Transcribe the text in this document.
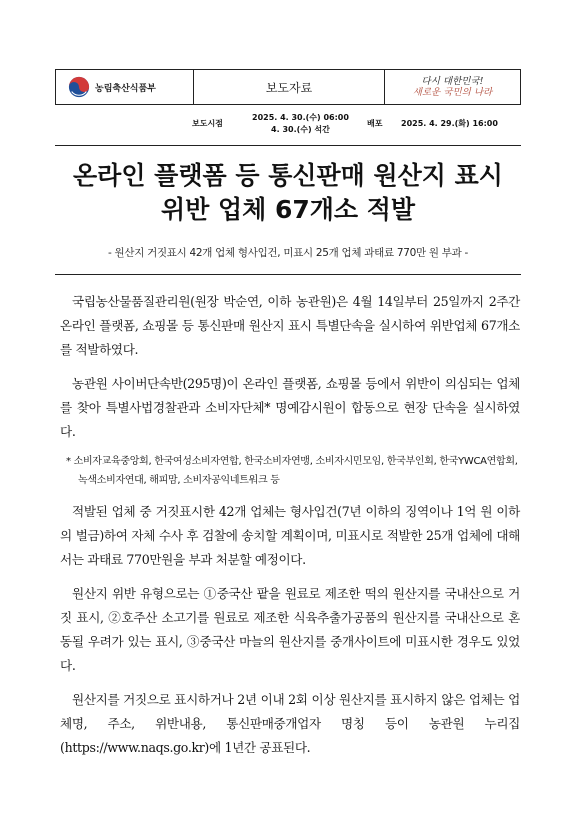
농림축산식품부	보도자료	다시 대한민국!
새로운 국민의 나라
보도시점
2025. 4. 30.(수) 06:00
4. 30.(수) 석간
배포 2025. 4. 29.(화) 16:00
온라인 플랫폼 등 통신판매 원산지 표시
위반 업체 67개소 적발
- 원산지 거짓표시 42개 업체 형사입건, 미표시 25개 업체 과태료 770만 원 부과 -

국립농산물품질관리원(원장 박순연, 이하 농관원)은 4월 14일부터 25일까지 2주간 온라인 플랫폼, 쇼핑몰 등 통신판매 원산지 표시 특별단속을 실시하여 위반업체 67개소를 적발하였다.

농관원 사이버단속반(295명)이 온라인 플랫폼, 쇼핑몰 등에서 위반이 의심되는 업체를 찾아 특별사법경찰관과 소비자단체* 명예감시원이 합동으로 현장 단속을 실시하였다.

* 소비자교육중앙회, 한국여성소비자연합, 한국소비자연맹, 소비자시민모임, 한국부인회, 한국YWCA연합회, 녹색소비자연대, 해피맘, 소비자공익네트워크 등

적발된 업체 중 거짓표시한 42개 업체는 형사입건(7년 이하의 징역이나 1억 원 이하의 벌금)하여 자체 수사 후 검찰에 송치할 계획이며, 미표시로 적발한 25개 업체에 대해서는 과태료 770만원을 부과 처분할 예정이다.

원산지 위반 유형으로는 ①중국산 팥을 원료로 제조한 떡의 원산지를 국내산으로 거짓 표시, ②호주산 소고기를 원료로 제조한 식육추출가공품의 원산지를 국내산으로 혼동될 우려가 있는 표시, ③중국산 마늘의 원산지를 중개사이트에 미표시한 경우도 있었다.

원산지를 거짓으로 표시하거나 2년 이내 2회 이상 원산지를 표시하지 않은 업체는 업체명, 주소, 위반내용, 통신판매중개업자 명칭 등이 농관원 누리집(https://www.naqs.go.kr)에 1년간 공표된다.
